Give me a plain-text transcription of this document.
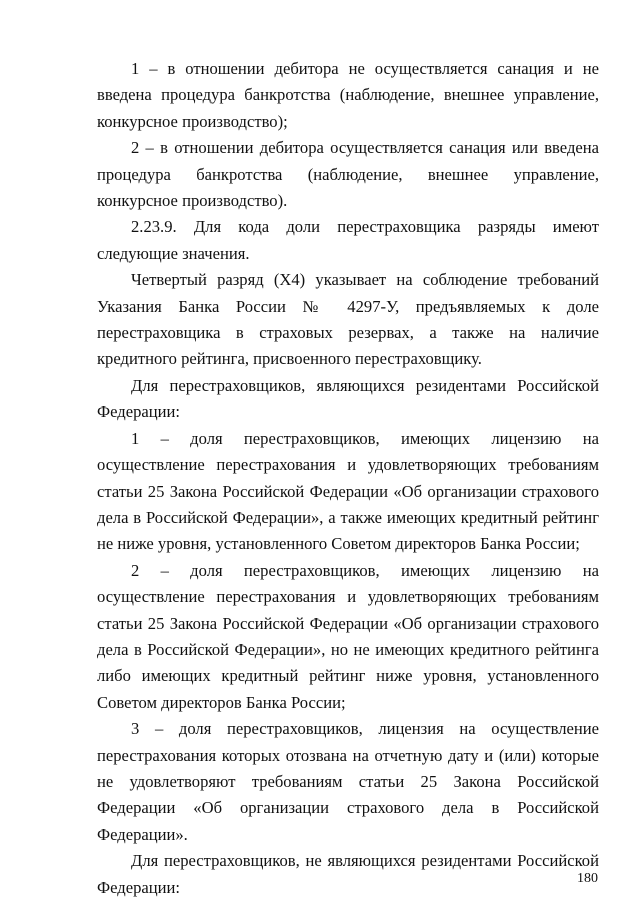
1 – в отношении дебитора не осуществляется санация и не введена процедура банкротства (наблюдение, внешнее управление, конкурсное производство);

2 – в отношении дебитора осуществляется санация или введена процедура банкротства (наблюдение, внешнее управление, конкурсное производство).

2.23.9. Для кода доли перестраховщика разряды имеют следующие значения.

Четвертый разряд (Х4) указывает на соблюдение требований Указания Банка России № 4297-У, предъявляемых к доле перестраховщика в страховых резервах, а также на наличие кредитного рейтинга, присвоенного перестраховщику.

Для перестраховщиков, являющихся резидентами Российской Федерации:

1 – доля перестраховщиков, имеющих лицензию на осуществление перестрахования и удовлетворяющих требованиям статьи 25 Закона Российской Федерации «Об организации страхового дела в Российской Федерации», а также имеющих кредитный рейтинг не ниже уровня, установленного Советом директоров Банка России;

2 – доля перестраховщиков, имеющих лицензию на осуществление перестрахования и удовлетворяющих требованиям статьи 25 Закона Российской Федерации «Об организации страхового дела в Российской Федерации», но не имеющих кредитного рейтинга либо имеющих кредитный рейтинг ниже уровня, установленного Советом директоров Банка России;

3 – доля перестраховщиков, лицензия на осуществление перестрахования которых отозвана на отчетную дату и (или) которые не удовлетворяют требованиям статьи 25 Закона Российской Федерации «Об организации страхового дела в Российской Федерации».

Для перестраховщиков, не являющихся резидентами Российской Федерации:	180
